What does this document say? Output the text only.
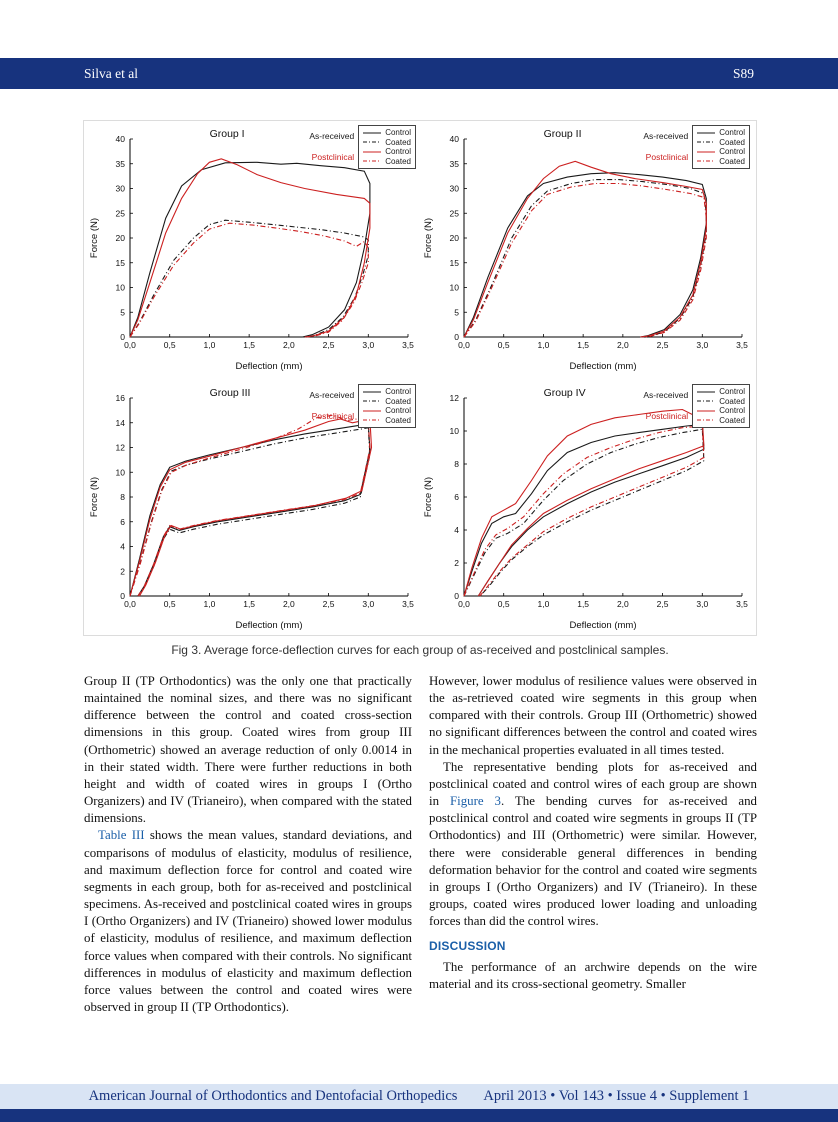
Silva et al	S89
0,0	0,5	1,0	1,5	2,0	2,5	3,0	3,5
0
5
10
15
20
25
30
35
40
Deflection (mm)
Force (N)
Group I	As-received
Postclinical
Control
Coated
Control
Coated
0,0	0,5	1,0	1,5	2,0	2,5	3,0	3,5
0
5
10
15
20
25
30
35
40
Deflection (mm)
Force (N)
Group II	As-received
Postclinical
Control
Coated
Control
Coated
0,0	0,5	1,0	1,5	2,0	2,5	3,0	3,5
0
2
4
6
8
10
12
14
16
Deflection (mm)
Force (N)
Group III	As-received
Postclinical
Control
Coated
Control
Coated
0,0	0,5	1,0	1,5	2,0	2,5	3,0	3,5
0
2
4
6
8
10
12
Deflection (mm)
Force (N)
Group IV	As-received
Postclinical
Control
Coated
Control
Coated
Fig 3. Average force-deflection curves for each group of as-received and postclinical samples.

Group II (TP Orthodontics) was the only one that practically maintained the nominal sizes, and there was no significant difference between the control and coated cross-section dimensions in this group. Coated wires from group III (Orthometric) showed an average reduction of only 0.0014 in in their stated width. There were further reductions in both height and width of coated wires in groups I (Ortho Organizers) and IV (Trianeiro), when compared with the stated dimensions.

Table III shows the mean values, standard deviations, and comparisons of modulus of elasticity, modulus of resilience, and maximum deflection force for control and coated wire segments in each group, both for as-received and postclinical specimens. As-received and postclinical coated wires in groups I (Ortho Organizers) and IV (Trianeiro) showed lower modulus of elasticity, modulus of resilience, and maximum deflection force values when compared with their controls. No significant differences in modulus of elasticity and maximum deflection force values between the control and coated wires were observed in group II (TP Orthodontics).

However, lower modulus of resilience values were observed in the as-retrieved coated wire segments in this group when compared with their controls. Group III (Orthometric) showed no significant differences between the control and coated wires in the mechanical properties evaluated in all times tested.

The representative bending plots for as-received and postclinical coated and control wires of each group are shown in Figure 3. The bending curves for as-received and postclinical control and coated wire segments in groups II (TP Orthodontics) and III (Orthometric) were similar. However, there were considerable general differences in bending deformation behavior for the control and coated wire segments in groups I (Ortho Organizers) and IV (Trianeiro). In these groups, coated wires produced lower loading and unloading forces than did the control wires.

DISCUSSION

The performance of an archwire depends on the wire material and its cross-sectional geometry. Smaller

American Journal of Orthodontics and Dentofacial Orthopedics April 2013 • Vol 143 • Issue 4 • Supplement 1
